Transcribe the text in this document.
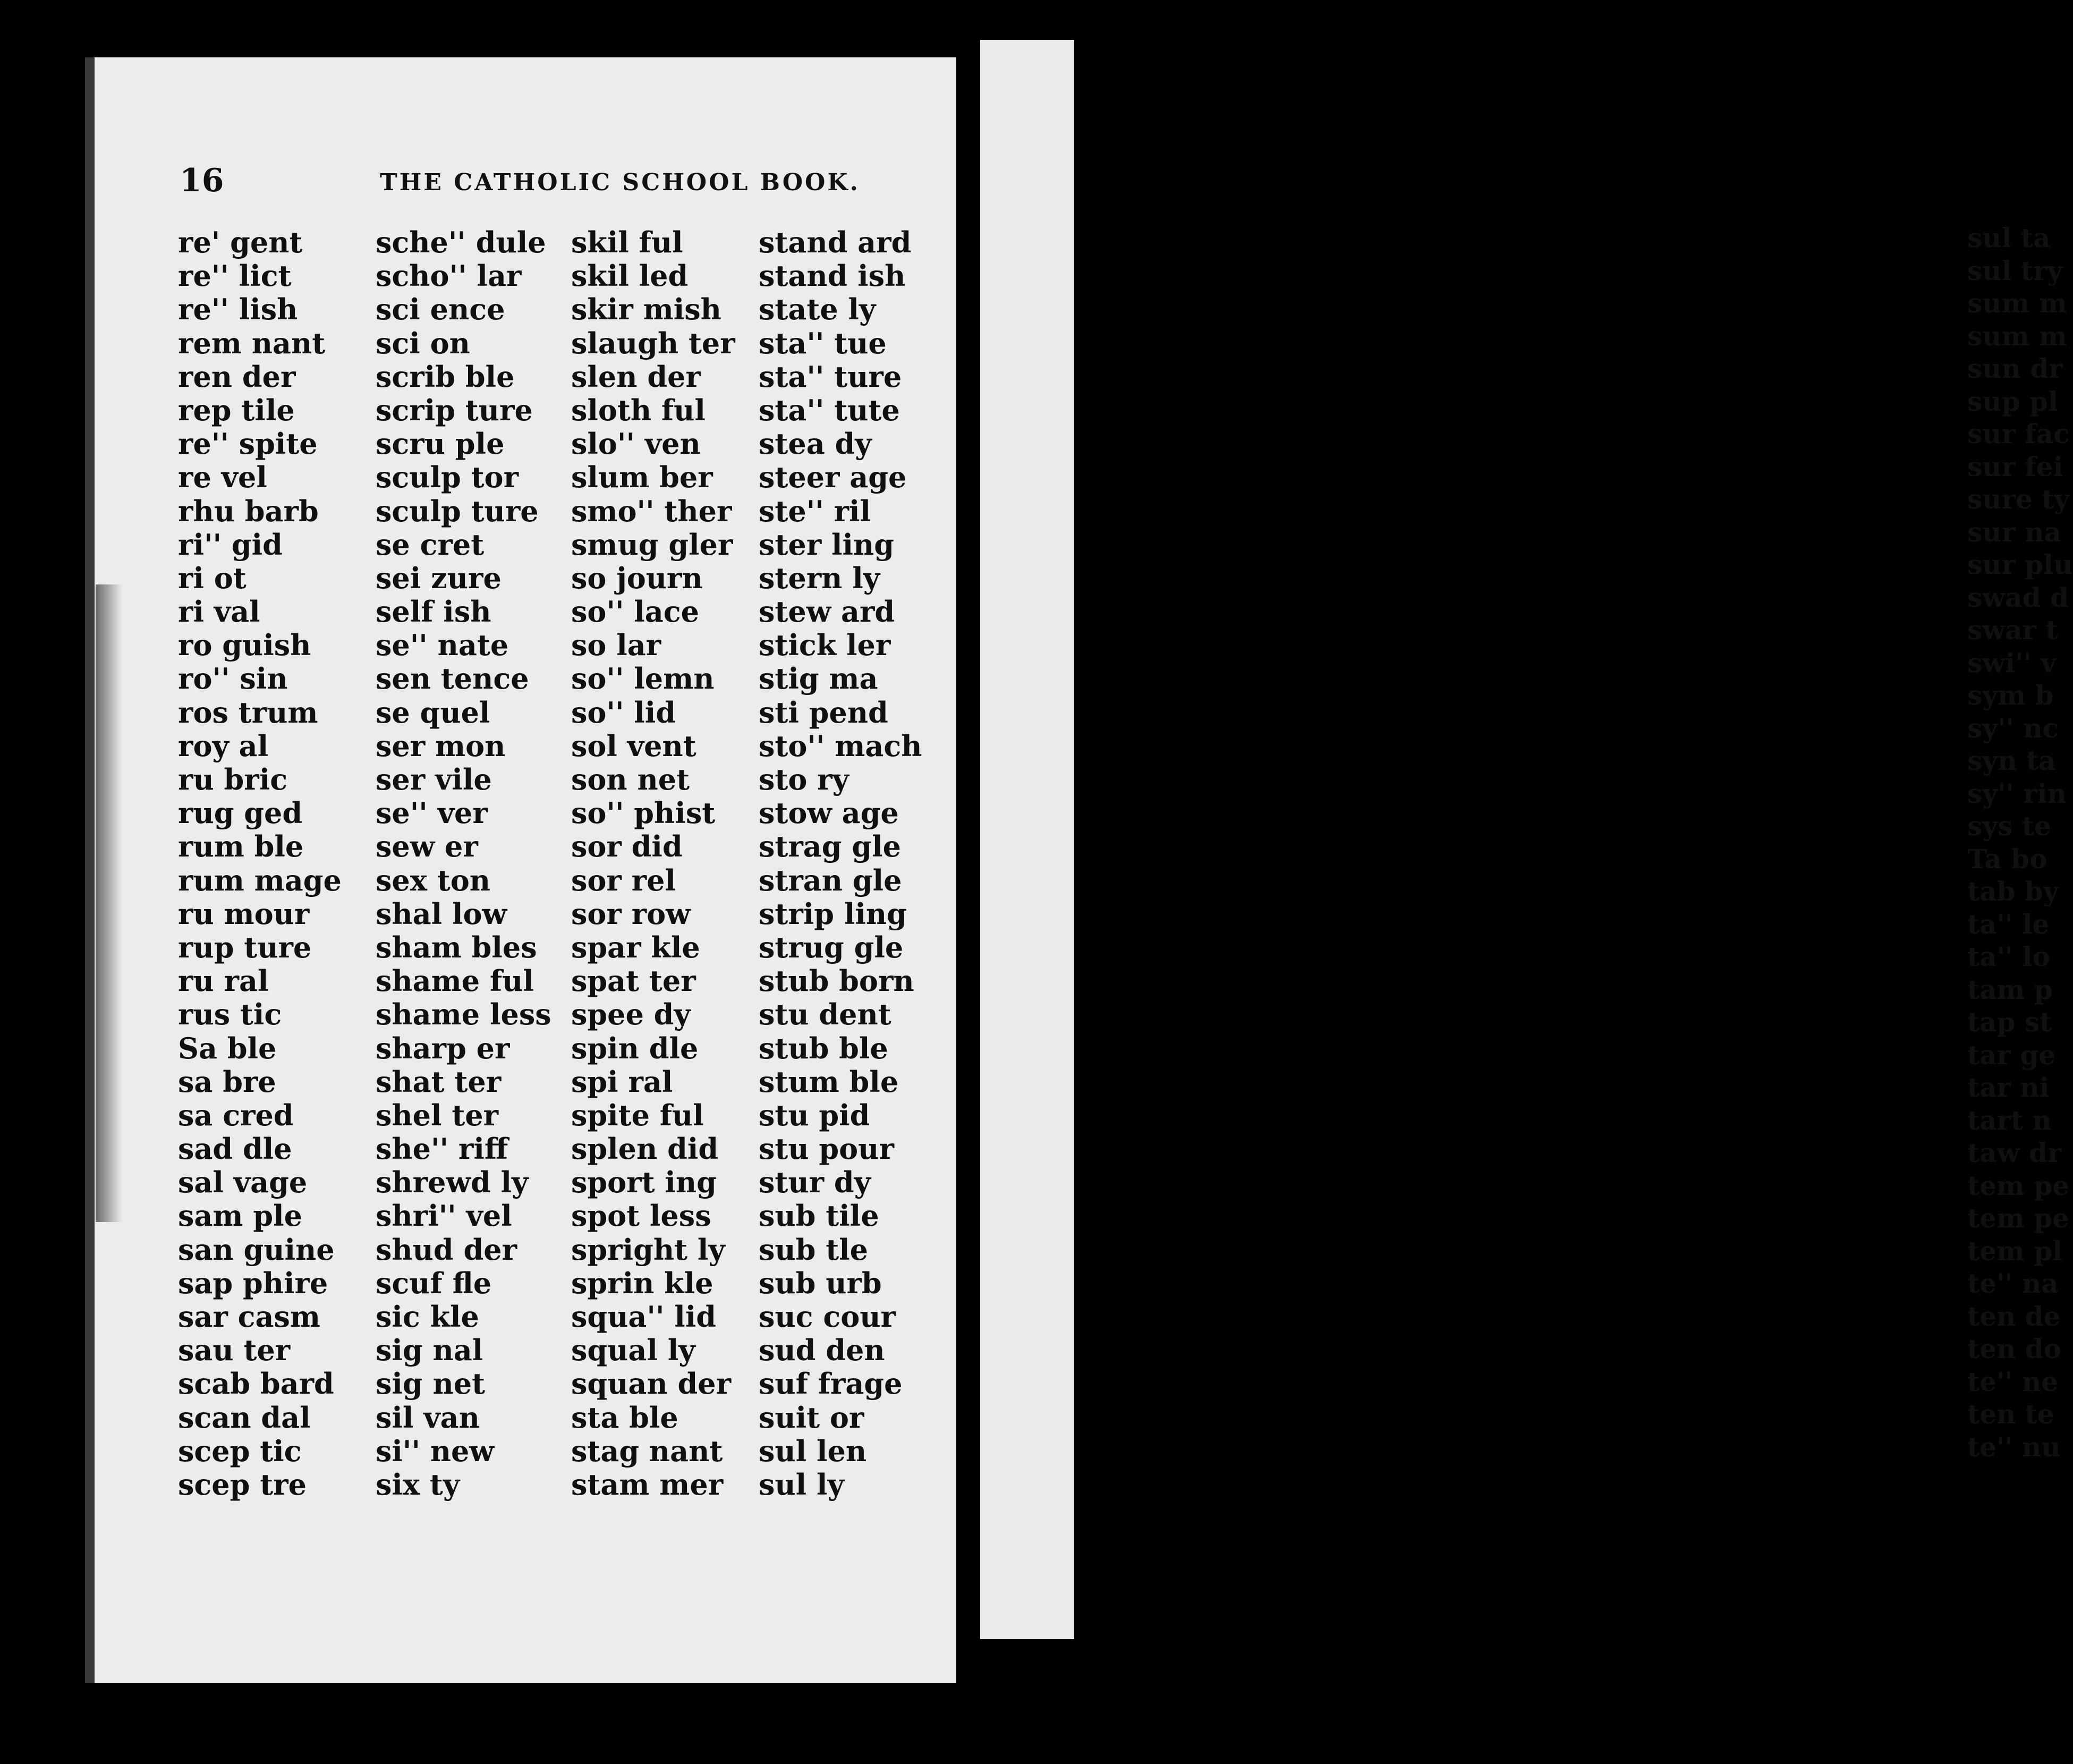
sul ta
sul try
sum m
sum m
sun dr
sup pl
sur fac
sur fei
sure ty
sur na
sur plu
swad d
swar t
swi'' v
sym b
sy'' nc
syn ta
sy'' rin
sys te
Ta bo
tab by
ta'' le
ta'' lo
tam p
tap st
tar ge
tar ni
tart n
taw dr
tem pe
tem pe
tem pl
te'' na
ten de
ten do
te'' ne
ten te
te'' nu
16	THE CATHOLIC SCHOOL BOOK.
re' gent
re'' lict
re'' lish
rem nant
ren der
rep tile
re'' spite
re vel
rhu barb
ri'' gid
ri ot
ri val
ro guish
ro'' sin
ros trum
roy al
ru bric
rug ged
rum ble
rum mage
ru mour
rup ture
ru ral
rus tic
Sa ble
sa bre
sa cred
sad dle
sal vage
sam ple
san guine
sap phire
sar casm
sau ter
scab bard
scan dal
scep tic
scep tre
sche'' dule
scho'' lar
sci ence
sci on
scrib ble
scrip ture
scru ple
sculp tor
sculp ture
se cret
sei zure
self ish
se'' nate
sen tence
se quel
ser mon
ser vile
se'' ver
sew er
sex ton
shal low
sham bles
shame ful
shame less
sharp er
shat ter
shel ter
she'' riff
shrewd ly
shri'' vel
shud der
scuf fle
sic kle
sig nal
sig net
sil van
si'' new
six ty
skil ful
skil led
skir mish
slaugh ter
slen der
sloth ful
slo'' ven
slum ber
smo'' ther
smug gler
so journ
so'' lace
so lar
so'' lemn
so'' lid
sol vent
son net
so'' phist
sor did
sor rel
sor row
spar kle
spat ter
spee dy
spin dle
spi ral
spite ful
splen did
sport ing
spot less
spright ly
sprin kle
squa'' lid
squal ly
squan der
sta ble
stag nant
stam mer
stand ard
stand ish
state ly
sta'' tue
sta'' ture
sta'' tute
stea dy
steer age
ste'' ril
ster ling
stern ly
stew ard
stick ler
stig ma
sti pend
sto'' mach
sto ry
stow age
strag gle
stran gle
strip ling
strug gle
stub born
stu dent
stub ble
stum ble
stu pid
stu pour
stur dy
sub tile
sub tle
sub urb
suc cour
sud den
suf frage
suit or
sul len
sul ly
